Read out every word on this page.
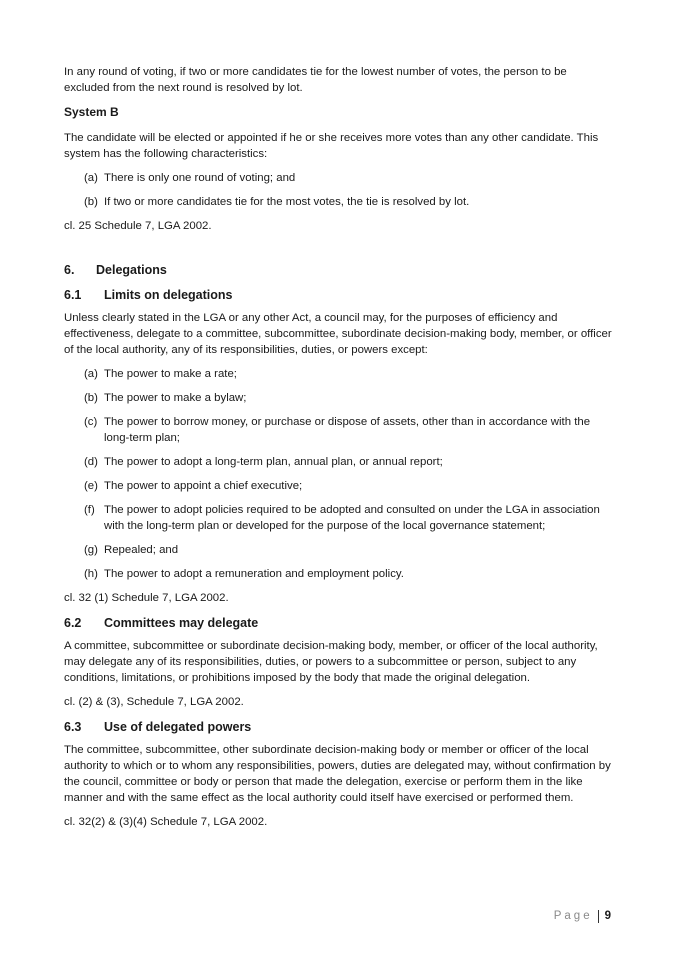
In any round of voting, if two or more candidates tie for the lowest number of votes, the person to be excluded from the next round is resolved by lot.

System B

The candidate will be elected or appointed if he or she receives more votes than any other candidate. This system has the following characteristics:

(a) There is only one round of voting; and
(b) If two or more candidates tie for the most votes, the tie is resolved by lot.

cl. 25 Schedule 7, LGA 2002.

6.	Delegations
6.1	Limits on delegations

Unless clearly stated in the LGA or any other Act, a council may, for the purposes of efficiency and effectiveness, delegate to a committee, subcommittee, subordinate decision-making body, member, or officer of the local authority, any of its responsibilities, duties, or powers except:

(a) The power to make a rate;
(b) The power to make a bylaw;
(c) The power to borrow money, or purchase or dispose of assets, other than in accordance with the long-term plan;
(d) The power to adopt a long-term plan, annual plan, or annual report;
(e) The power to appoint a chief executive;
(f) The power to adopt policies required to be adopted and consulted on under the LGA in association with the long-term plan or developed for the purpose of the local governance statement;
(g) Repealed; and
(h) The power to adopt a remuneration and employment policy.

cl. 32 (1) Schedule 7, LGA 2002.

6.2	Committees may delegate

A committee, subcommittee or subordinate decision-making body, member, or officer of the local authority, may delegate any of its responsibilities, duties, or powers to a subcommittee or person, subject to any conditions, limitations, or prohibitions imposed by the body that made the original delegation.

cl. (2) & (3), Schedule 7, LGA 2002.

6.3	Use of delegated powers

The committee, subcommittee, other subordinate decision-making body or member or officer of the local authority to which or to whom any responsibilities, powers, duties are delegated may, without confirmation by the council, committee or body or person that made the delegation, exercise or perform them in the like manner and with the same effect as the local authority could itself have exercised or performed them.

cl. 32(2) & (3)(4) Schedule 7, LGA 2002.

Page 9
